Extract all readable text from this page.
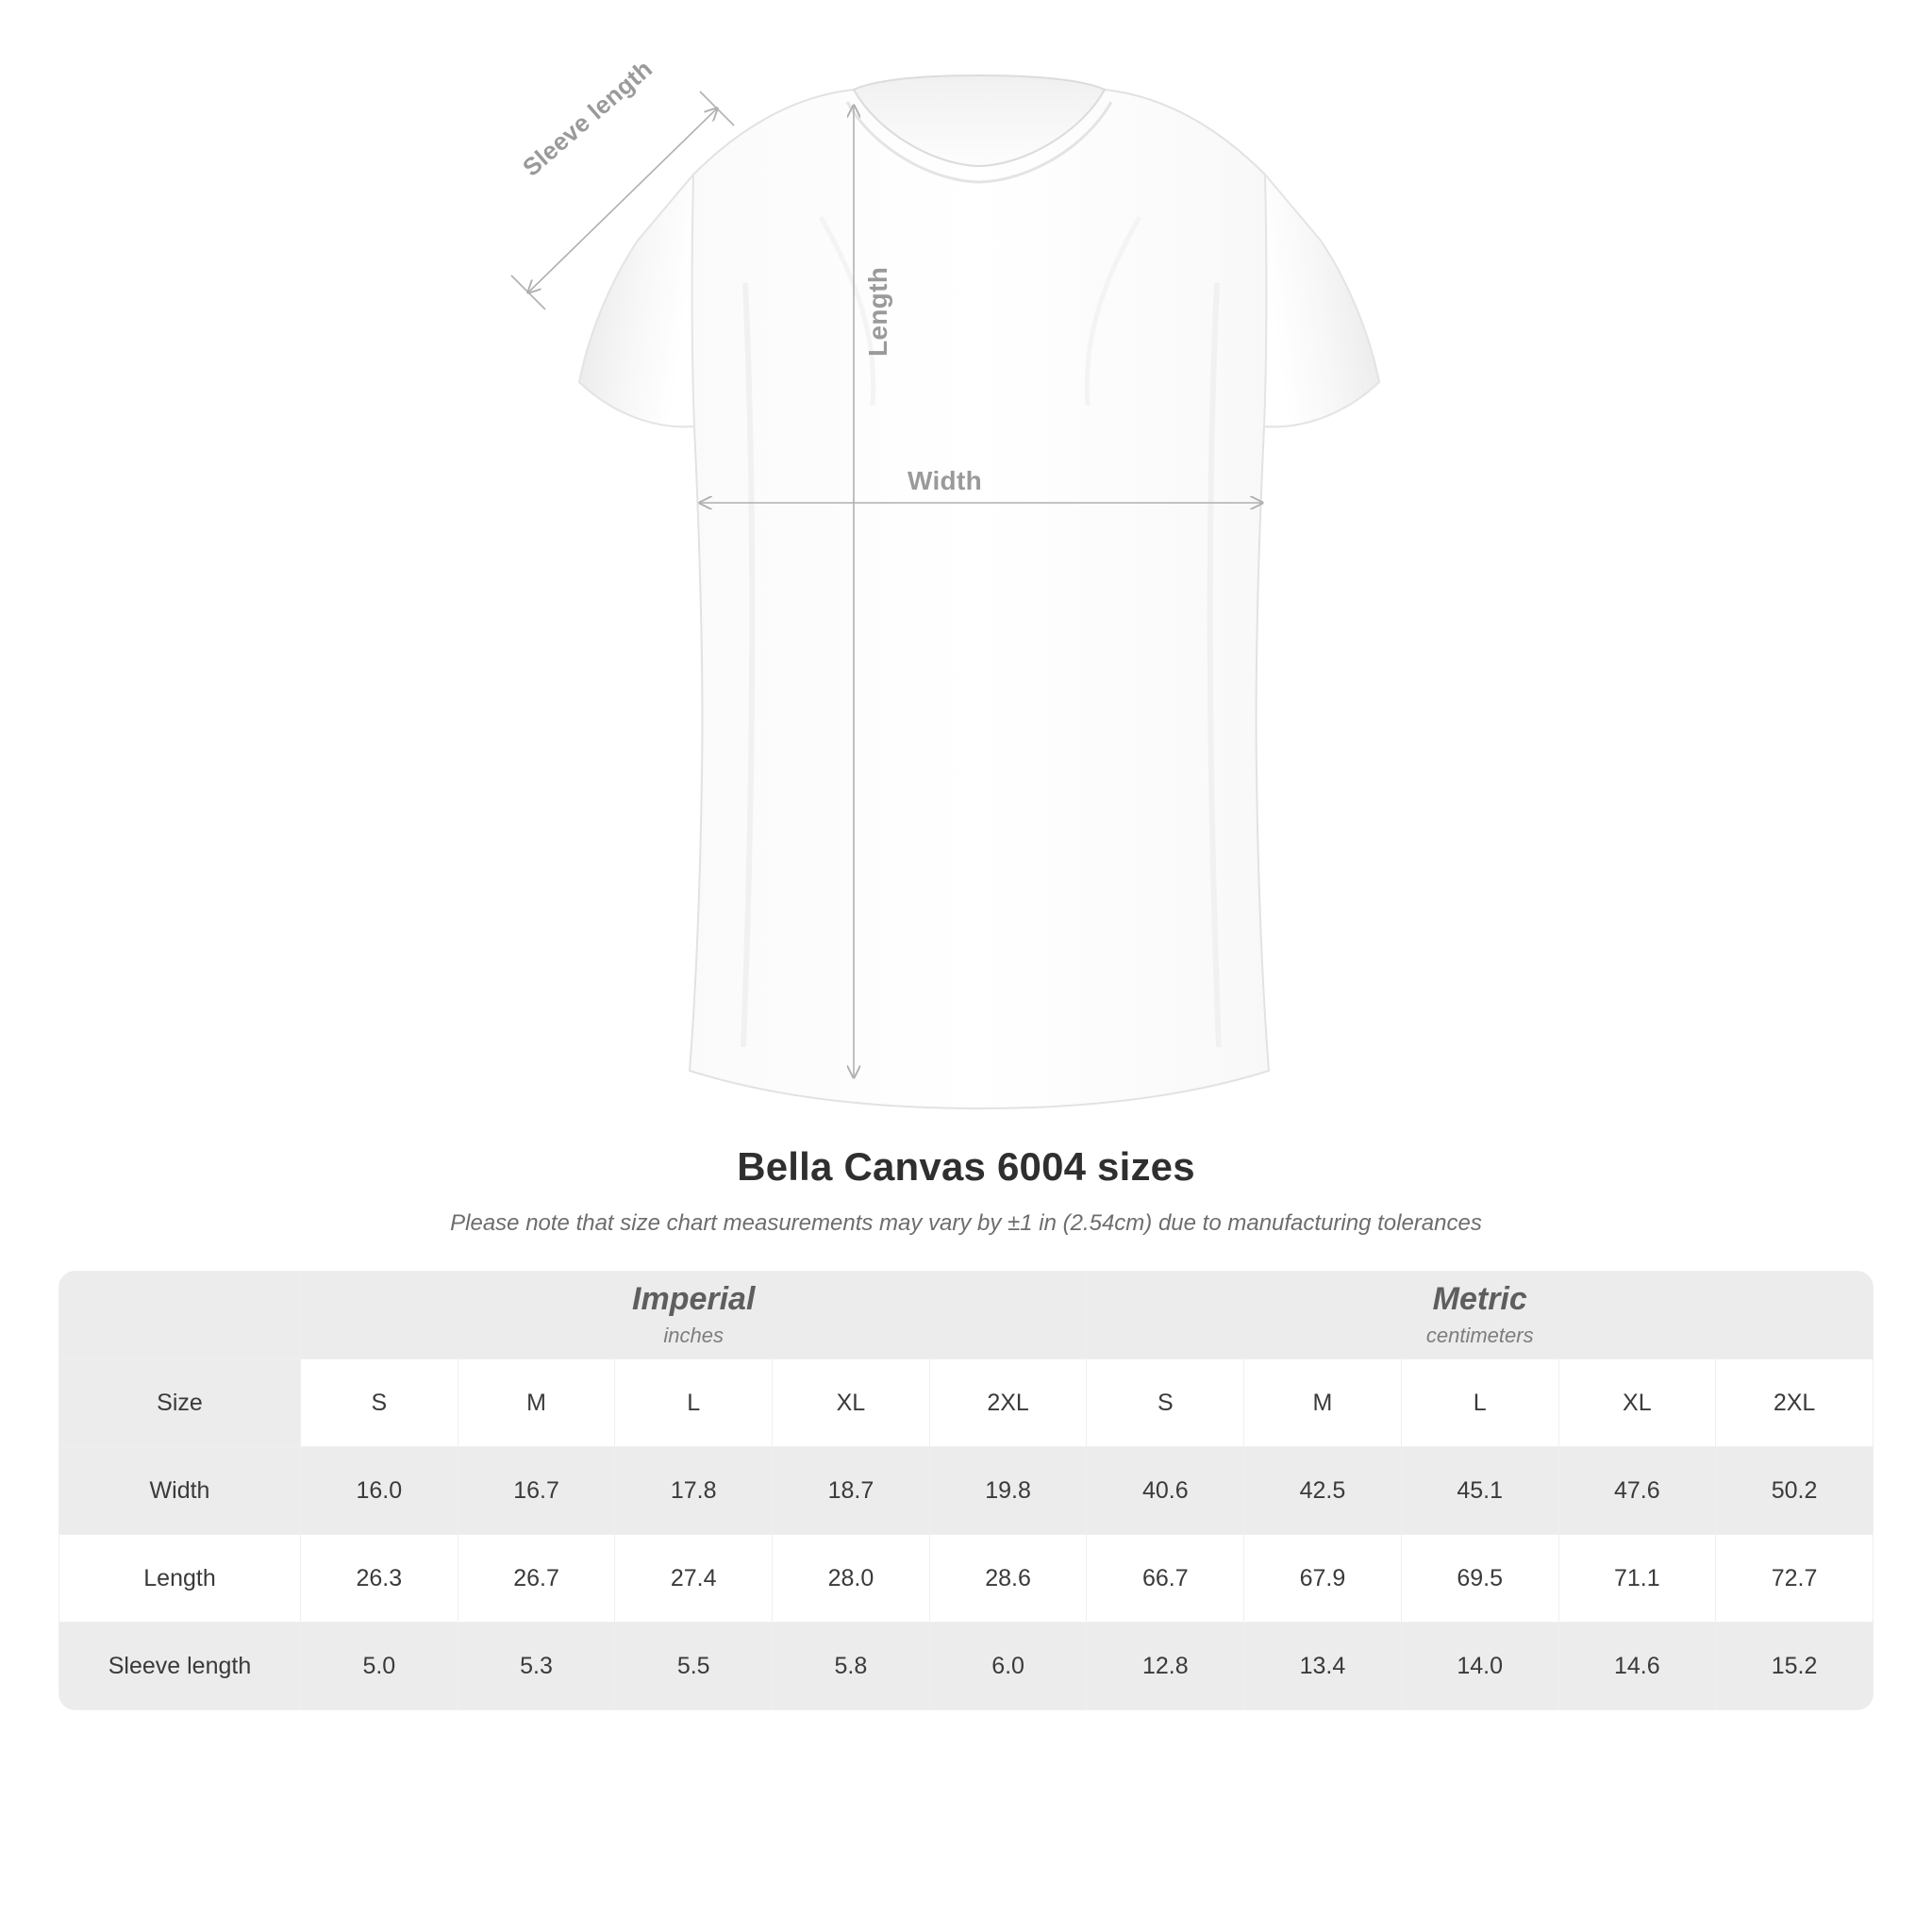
Sleeve length
Length
Width
Bella Canvas 6004 sizes

Please note that size chart measurements may vary by ±1 in (2.54cm) due to manufacturing tolerances

Imperial
inches

Metric
centimeters

Size	S	M	L	XL	2XL	S	M	L	XL	2XL
Width	16.0	16.7	17.8	18.7	19.8	40.6	42.5	45.1	47.6	50.2
Length	26.3	26.7	27.4	28.0	28.6	66.7	67.9	69.5	71.1	72.7
Sleeve length	5.0	5.3	5.5	5.8	6.0	12.8	13.4	14.0	14.6	15.2
